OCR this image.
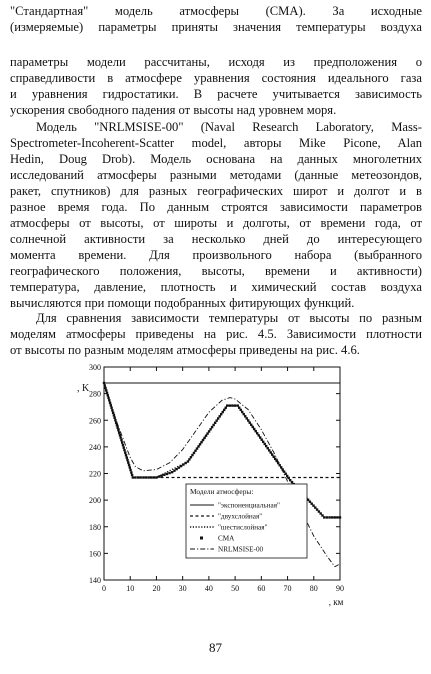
"Стандартная" модель атмосферы (СМА). За исходные
(измеряемые) параметры приняты значения температуры воздуха
параметры модели рассчитаны, исходя из предположения о
справедливости в атмосфере уравнения состояния идеального газа
и уравнения гидростатики. В расчете учитывается зависимость
ускорения свободного падения от высоты над уровнем моря.
Модель "NRLMSISE-00" (Naval Research Laboratory, Mass-
Spectrometer-Incoherent-Scatter model, авторы Mike Picone, Alan
Hedin, Doug Drob). Модель основана на данных многолетних
исследований атмосферы разными методами (данные метеозондов,
ракет, спутников) для разных географических широт и долгот и в
разное время года. По данным строятся зависимости параметров
атмосферы от высоты, от широты и долготы, от времени года, от
солнечной активности за несколько дней до интересующего
момента времени. Для произвольного набора (выбранного
географического положения, высоты, времени и активности)
температура, давление, плотность и химический состав воздуха
вычисляются при помощи подобранных фитирующих функций.
Для сравнения зависимости температуры от высоты по разным
моделям атмосферы приведены на рис. 4.5. Зависимости плотности
от высоты по разным моделям атмосферы приведены на рис. 4.6.
0	10 20 30 40 50 60 70 80 90
140
160
180
200
220
240
260
280
300
, K
, км
Модели атмосферы:
"экспоненциальная"
"двухслойная"
"шестислойная"
СМА
NRLMSISE-00
87
